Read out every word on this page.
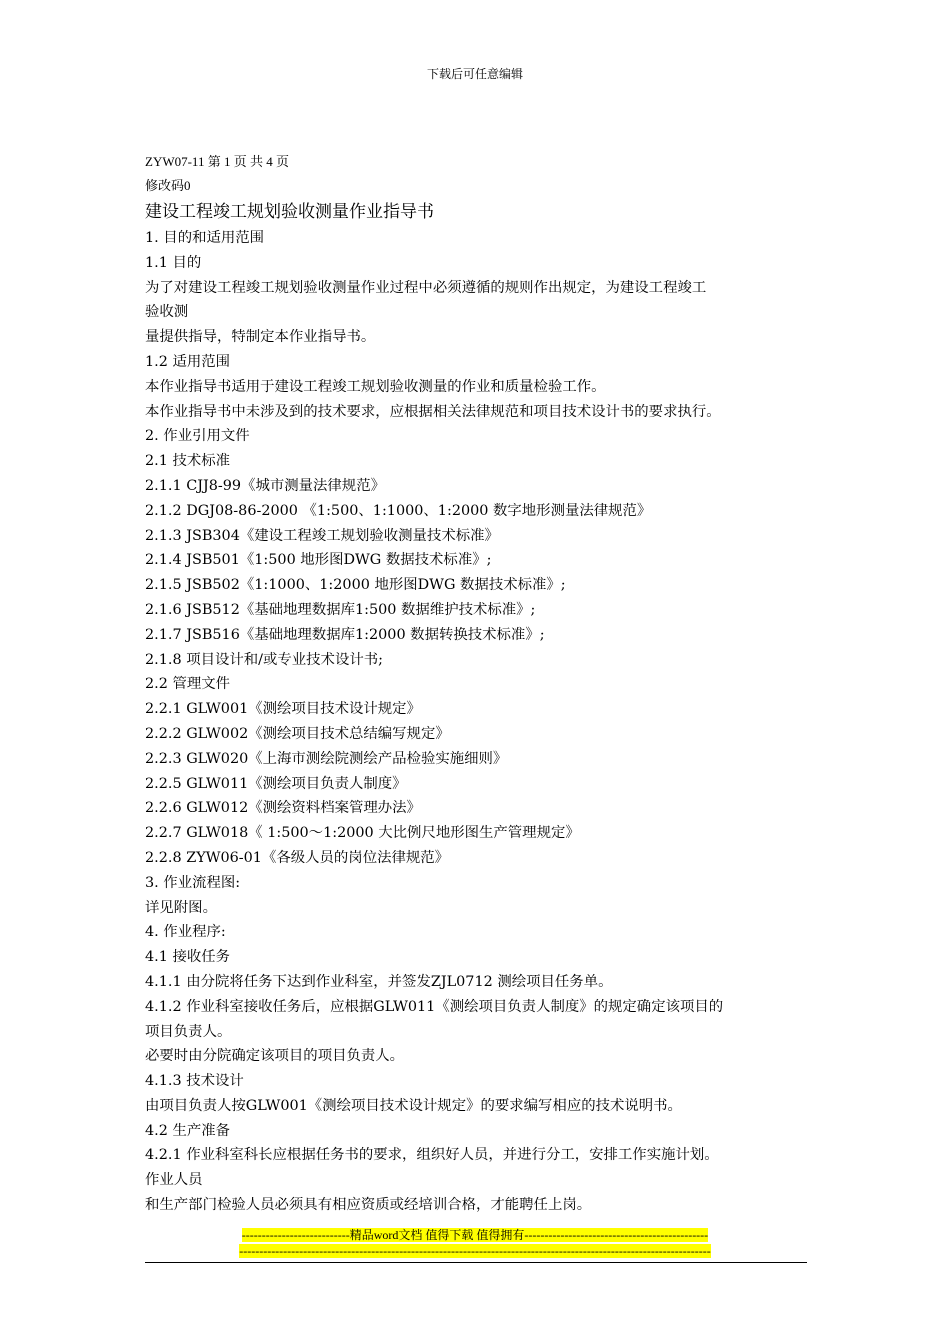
下载后可任意编辑
ZYW07-11 第 1 页 共 4 页
修改码0
建设工程竣工规划验收测量作业指导书
1. 目的和适用范围
1.1 目的
为了对建设工程竣工规划验收测量作业过程中必须遵循的规则作出规定，为建设工程竣工
验收测
量提供指导，特制定本作业指导书。
1.2 适用范围
本作业指导书适用于建设工程竣工规划验收测量的作业和质量检验工作。
本作业指导书中未涉及到的技术要求，应根据相关法律规范和项目技术设计书的要求执行。
2. 作业引用文件
2.1 技术标准
2.1.1 CJJ8-99《城市测量法律规范》
2.1.2 DGJ08-86-2000 《1:500、1:1000、1:2000 数字地形测量法律规范》
2.1.3 JSB304《建设工程竣工规划验收测量技术标准》
2.1.4 JSB501《1:500 地形图DWG 数据技术标准》;
2.1.5 JSB502《1:1000、1:2000 地形图DWG 数据技术标准》;
2.1.6 JSB512《基础地理数据库1:500 数据维护技术标准》;
2.1.7 JSB516《基础地理数据库1:2000 数据转换技术标准》;
2.1.8 项目设计和/或专业技术设计书;
2.2 管理文件
2.2.1 GLW001《测绘项目技术设计规定》
2.2.2 GLW002《测绘项目技术总结编写规定》
2.2.3 GLW020《上海市测绘院测绘产品检验实施细则》
2.2.5 GLW011《测绘项目负责人制度》
2.2.6 GLW012《测绘资料档案管理办法》
2.2.7 GLW018《 1:500～1:2000 大比例尺地形图生产管理规定》
2.2.8 ZYW06-01《各级人员的岗位法律规范》
3. 作业流程图:
详见附图。
4. 作业程序:
4.1 接收任务
4.1.1 由分院将任务下达到作业科室，并签发ZJL0712 测绘项目任务单。
4.1.2 作业科室接收任务后，应根据GLW011《测绘项目负责人制度》的规定确定该项目的
项目负责人。
必要时由分院确定该项目的项目负责人。
4.1.3 技术设计
由项目负责人按GLW001《测绘项目技术设计规定》的要求编写相应的技术说明书。
4.2 生产准备
4.2.1 作业科室科长应根据任务书的要求，组织好人员，并进行分工，安排工作实施计划。
作业人员
和生产部门检验人员必须具有相应资质或经培训合格，才能聘任上岗。
---------------------------精品word文档 值得下载 值得拥有----------------------------------------------
----------------------------------------------------------------------------------------------------------------------
